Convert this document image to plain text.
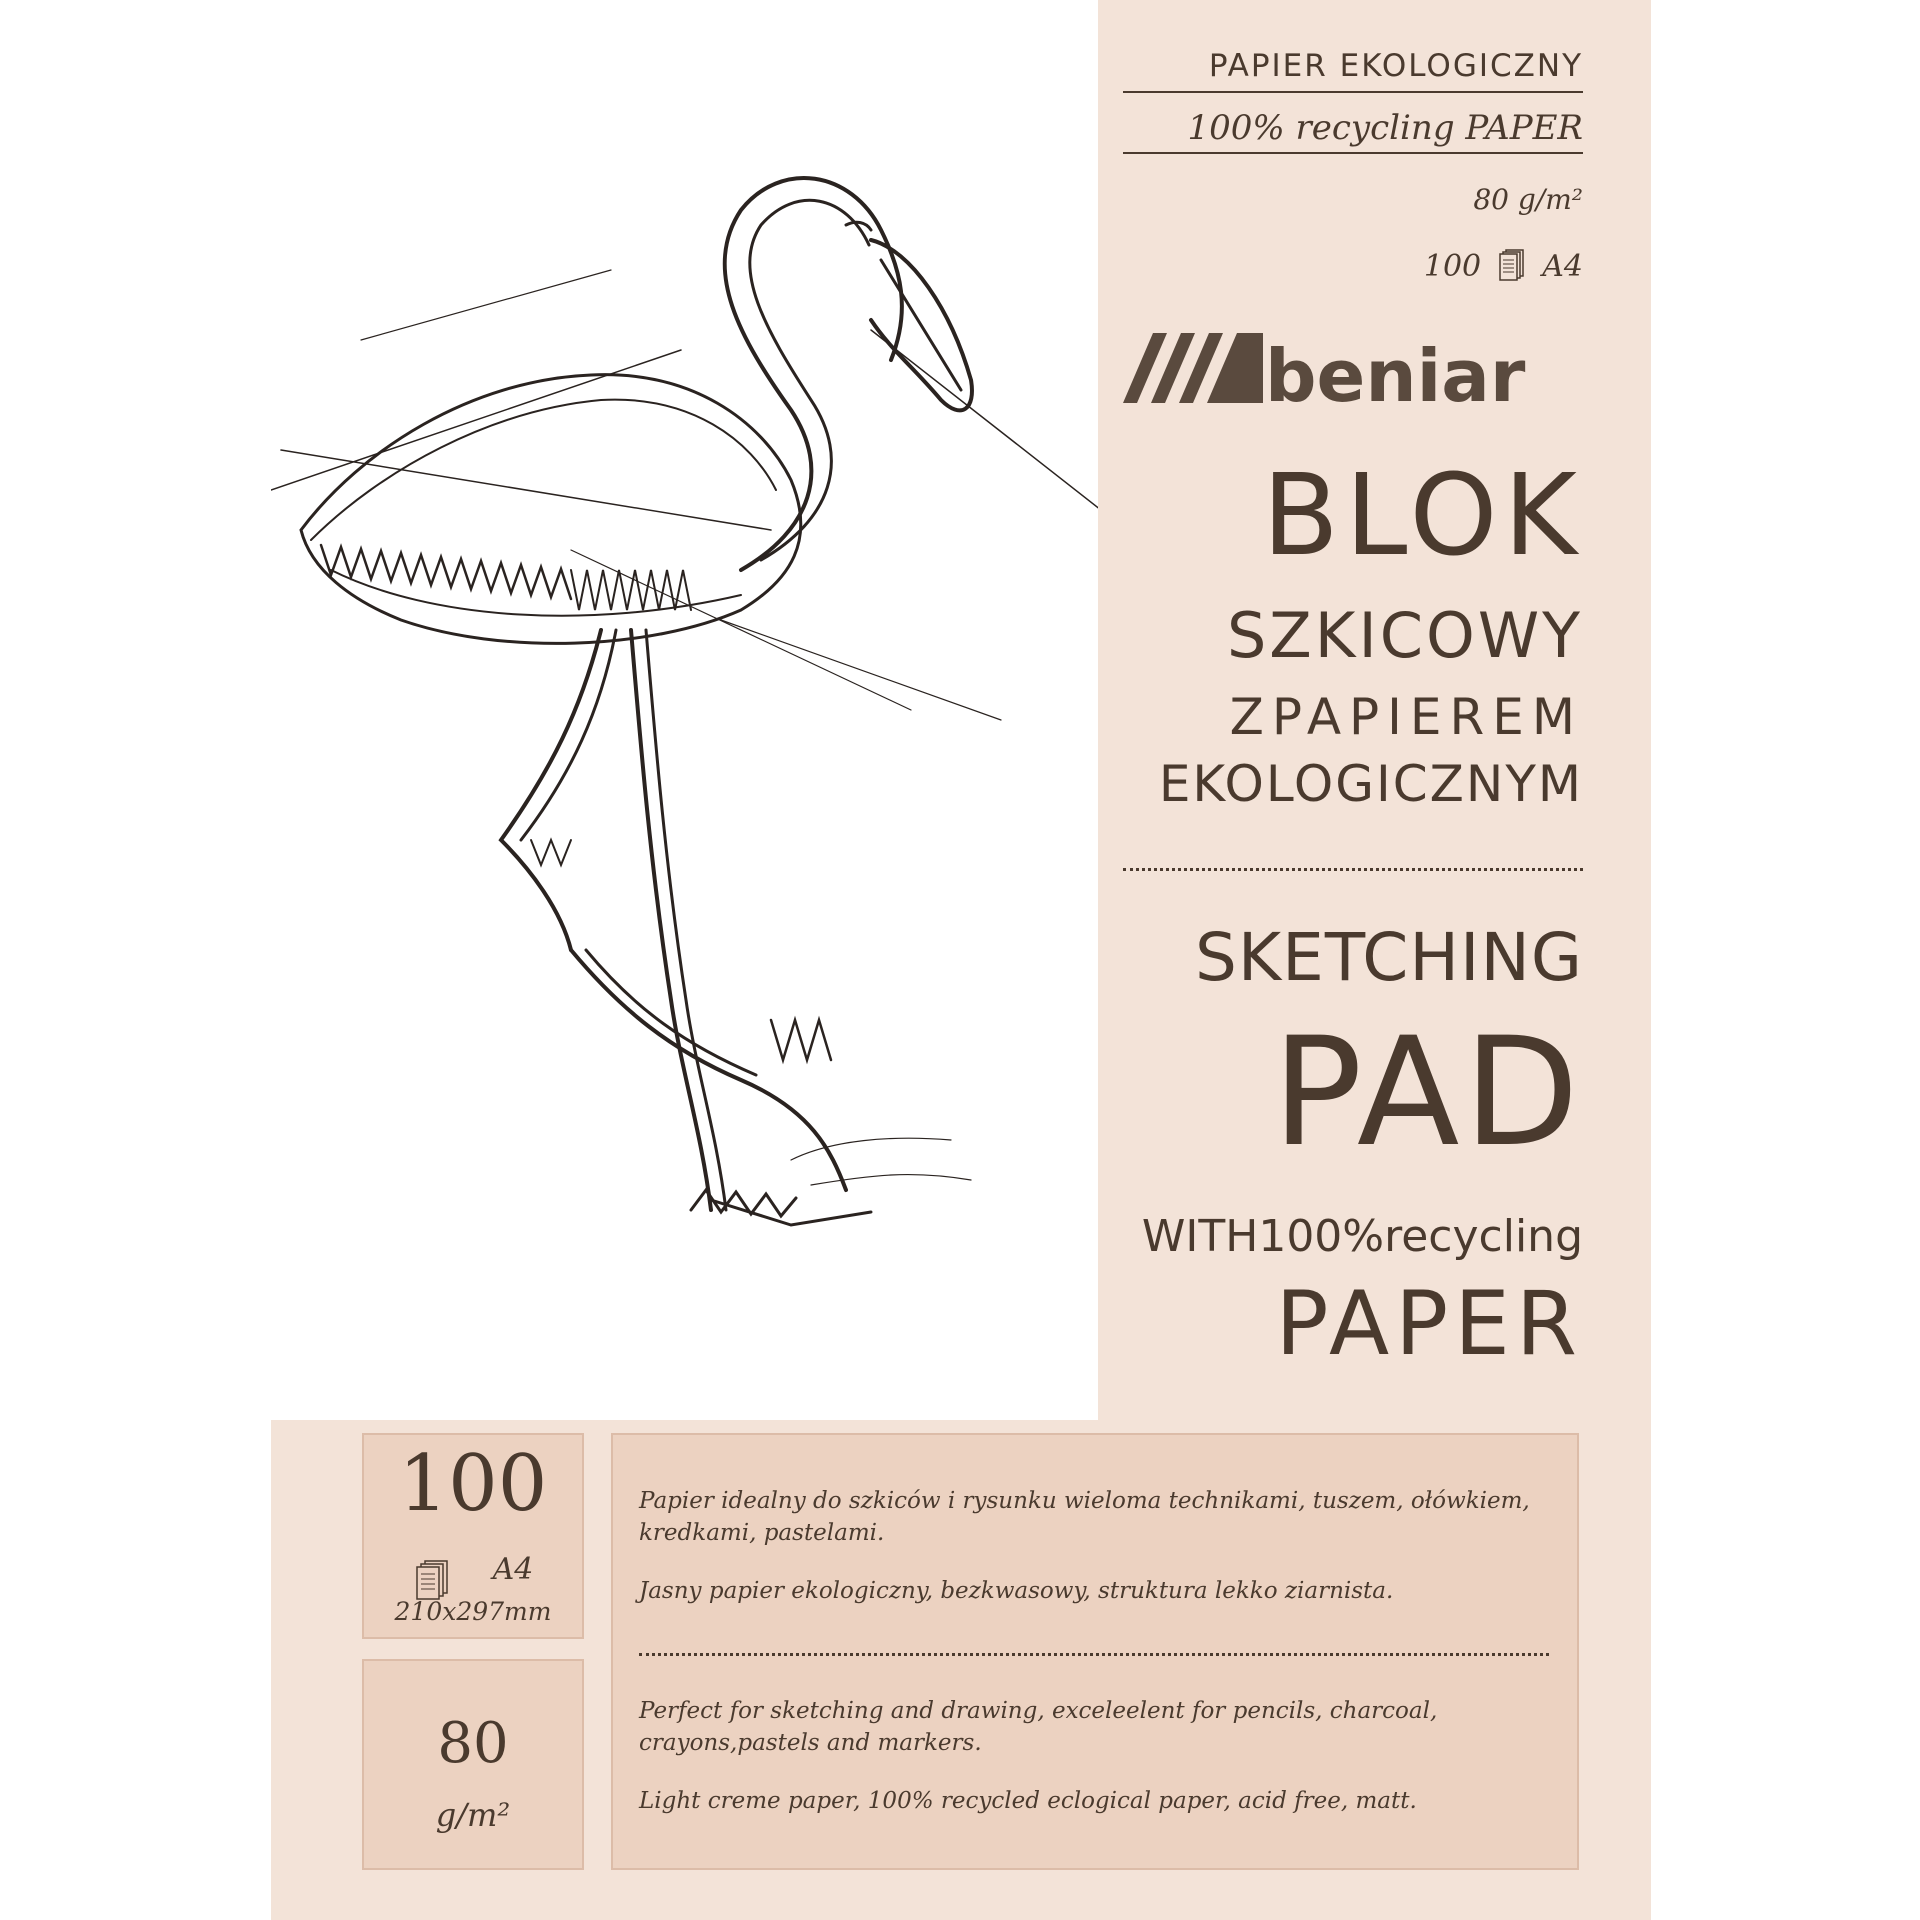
PAPIER EKOLOGICZNY
100% recycling PAPER
80 g/m²
100 A4
beniar
BLOK
SZKICOWY
ZPAPIEREM
EKOLOGICZNYM
SKETCHING
PAD
WITH100%recycling
PAPER
100
A4
210x297mm
80
g/m²
Papier idealny do szkiców i rysunku wieloma technikami, tuszem, ołówkiem, kredkami, pastelami.
Jasny papier ekologiczny, bezkwasowy, struktura lekko ziarnista.
Perfect for sketching and drawing, exceleelent for pencils, charcoal, crayons,pastels and markers.
Light creme paper, 100% recycled eclogical paper, acid free, matt.
